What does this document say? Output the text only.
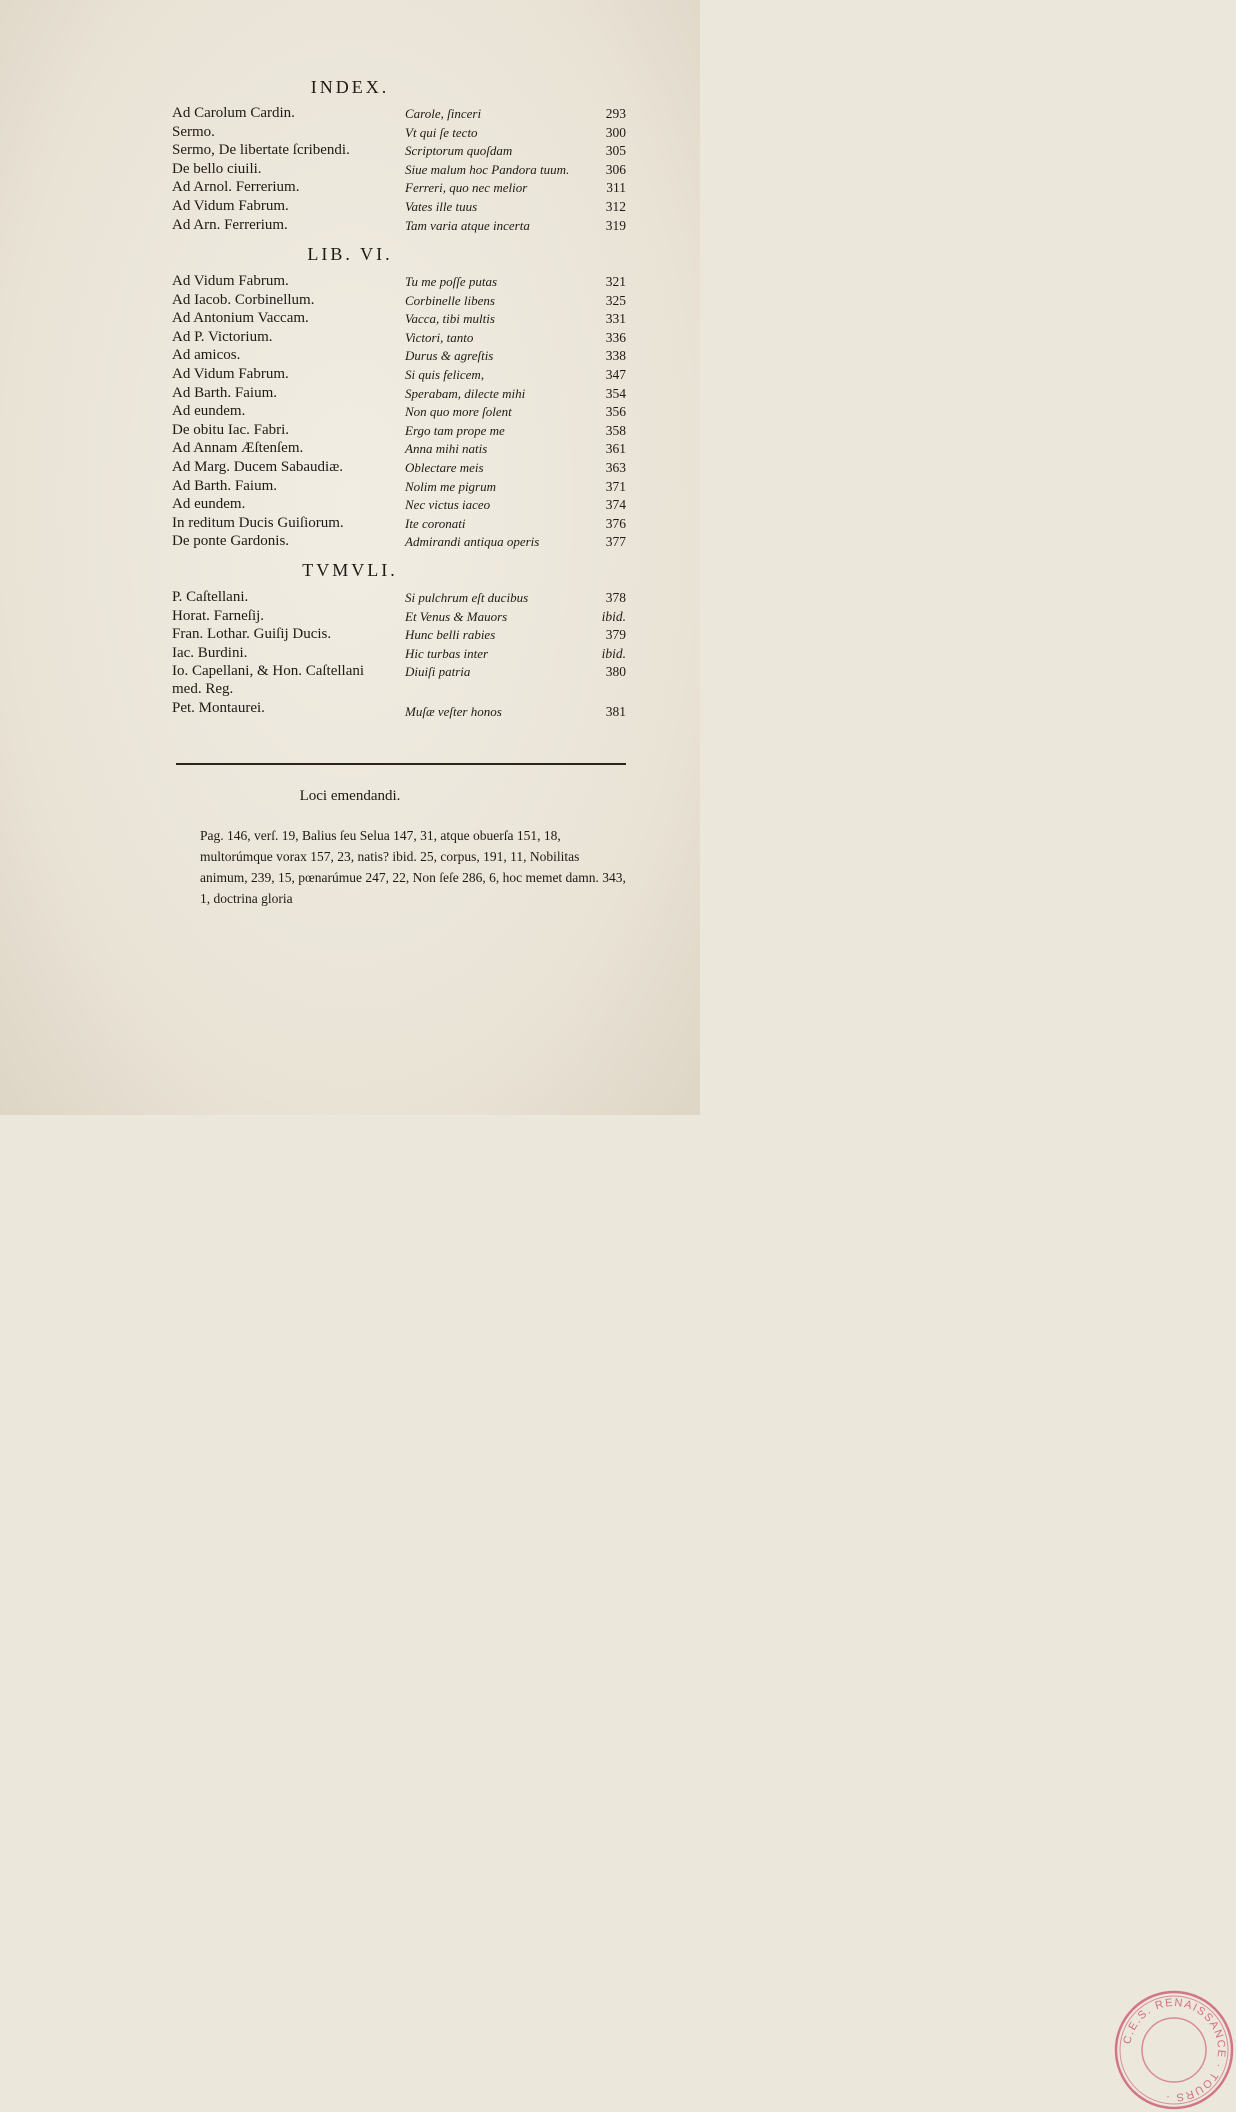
INDEX.
Ad Carolum Cardin.	Carole, ſinceri	293
Sermo.	Vt qui ſe tecto	300
Sermo, De libertate ſcribendi.	Scriptorum quoſdam	305
De bello ciuili.	Siue malum hoc Pandora tuum.	306
Ad Arnol. Ferrerium.	Ferreri, quo nec melior	311
Ad Vidum Fabrum.	Vates ille tuus	312
Ad Arn. Ferrerium.	Tam varia atque incerta	319
LIB. VI.
Ad Vidum Fabrum.	Tu me poſſe putas	321
Ad Iacob. Corbinellum.	Corbinelle libens	325
Ad Antonium Vaccam.	Vacca, tibi multis	331
Ad P. Victorium.	Victori, tanto	336
Ad amicos.	Durus & agreſtis	338
Ad Vidum Fabrum.	Si quis felicem,	347
Ad Barth. Faium.	Sperabam, dilecte mihi	354
Ad eundem.	Non quo more ſolent	356
De obitu Iac. Fabri.	Ergo tam prope me	358
Ad Annam Æſtenſem.	Anna mihi natis	361
Ad Marg. Ducem Sabaudiæ.	Oblectare meis	363
Ad Barth. Faium.	Nolim me pigrum	371
Ad eundem.	Nec victus iaceo	374
In reditum Ducis Guiſiorum.	Ite coronati	376
De ponte Gardonis.	Admirandi antiqua operis	377
TVMVLI.
P. Caſtellani.	Si pulchrum eſt ducibus	378
Horat. Farneſij.	Et Venus & Mauors	ibid.
Fran. Lothar. Guiſij Ducis.	Hunc belli rabies	379
Iac. Burdini.	Hic turbas inter	ibid.
Io. Capellani, & Hon. Caſtellani med. Reg.
Diuiſi patria	380
Pet. Montaurei.	Muſæ veſter honos	381
Loci emendandi.
Pag. 146, verſ. 19, Balius ſeu Selua 147, 31, atque obuerſa 151, 18, multorúmque vorax 157, 23, natis? ibid. 25, corpus, 191, 11, Nobilitas animum, 239, 15, pœnarúmue 247, 22, Non ſeſe 286, 6, hoc memet damn. 343, 1, doctrina gloria
C.E.S. RENAISSANCE · TOURS ·
